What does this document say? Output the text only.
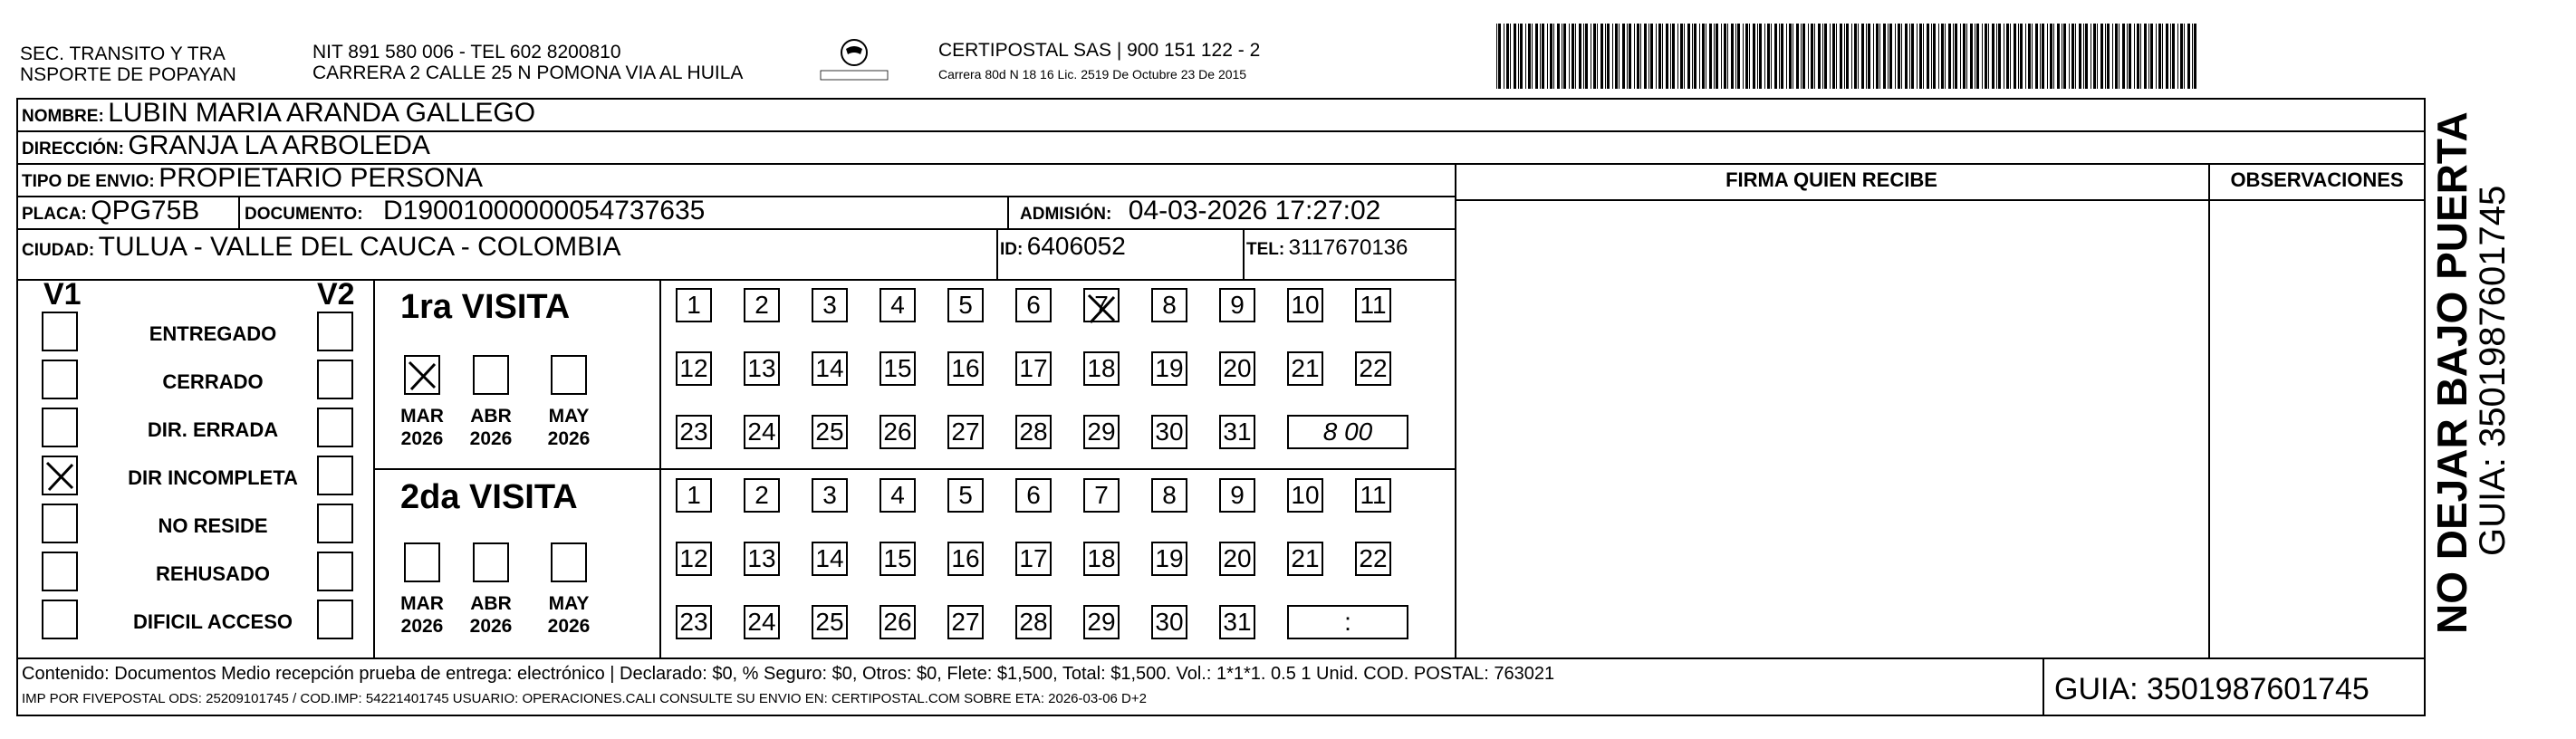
SEC. TRANSITO Y TRA
NSPORTE DE POPAYAN
NIT 891 580 006 - TEL 602 8200810
CARRERA 2 CALLE 25 N POMONA VIA AL HUILA
CERTIPOSTAL SAS | 900 151 122 - 2
Carrera 80d N 18 16 Lic. 2519 De Octubre 23 De 2015
NOMBRE: LUBIN MARIA ARANDA GALLEGO
DIRECCIÓN: GRANJA LA ARBOLEDA
TIPO DE ENVIO: PROPIETARIO PERSONA	FIRMA QUIEN RECIBE	OBSERVACIONES
PLACA: QPG75B	DOCUMENTO: D19001000000054737635	ADMISIÓN: 04-03-2026 17:27:02
CIUDAD: TULUA - VALLE DEL CAUCA - COLOMBIA	ID: 6406052	TEL: 3117670136
V1	V2
ENTREGADO
CERRADO
DIR. ERRADA
DIR INCOMPLETA
NO RESIDE
REHUSADO
DIFICIL ACCESO
1ra VISITA
2da VISITA
1	2	3	4	5	6	7	8	9	10 11
12 13 14 15 16 17 18 19 20 21 22
23 24 25 26 27 28 29 30 31	8 00
1	2	3	4	5	6	7	8	9	10 11
12 13 14 15 16 17 18 19 20 21 22
23 24 25 26 27 28 29 30 31	:
MAR
2026
ABR
2026
MAY
2026
MAR
2026
ABR
2026
MAY
2026
Contenido: Documentos Medio recepción prueba de entrega: electrónico | Declarado: $0, % Seguro: $0, Otros: $0, Flete: $1,500, Total: $1,500. Vol.: 1*1*1. 0.5 1 Unid. COD. POSTAL: 763021
IMP POR FIVEPOSTAL ODS: 25209101745 / COD.IMP: 54221401745 USUARIO: OPERACIONES.CALI CONSULTE SU ENVIO EN: CERTIPOSTAL.COM SOBRE ETA: 2026-03-06 D+2	GUIA: 3501987601745
NO DEJAR BAJO PUERTA
GUIA: 3501987601745
